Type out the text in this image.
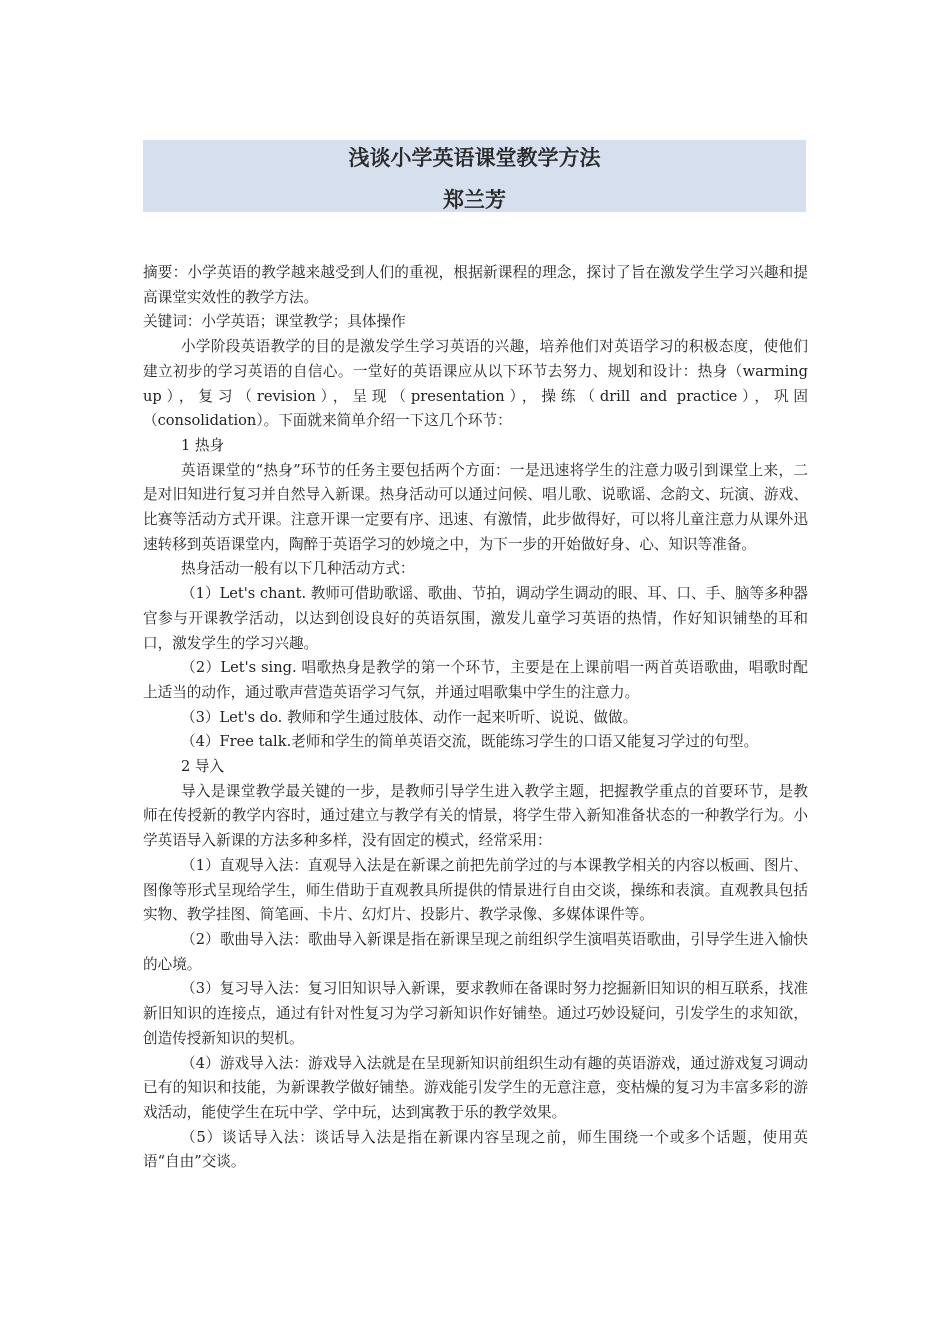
浅谈小学英语课堂教学方法
郑兰芳

摘要：小学英语的教学越来越受到人们的重视，根据新课程的理念，探讨了旨在激发学生学习兴趣和提高课堂实效性的教学方法。

关键词：小学英语；课堂教学；具体操作

小学阶段英语教学的目的是激发学生学习英语的兴趣，培养他们对英语学习的积极态度，使他们建立初步的学习英语的自信心。一堂好的英语课应从以下环节去努力、规划和设计：热身（warming up），复习（revision），呈现（presentation），操练（drill and practice），巩固（consolidation）。下面就来简单介绍一下这几个环节：

1 热身

英语课堂的“热身”环节的任务主要包括两个方面：一是迅速将学生的注意力吸引到课堂上来，二是对旧知进行复习并自然导入新课。热身活动可以通过问候、唱儿歌、说歌谣、念韵文、玩演、游戏、比赛等活动方式开课。注意开课一定要有序、迅速、有激情，此步做得好，可以将儿童注意力从课外迅速转移到英语课堂内，陶醉于英语学习的妙境之中，为下一步的开始做好身、心、知识等准备。

热身活动一般有以下几种活动方式：

（1）Let's chant. 教师可借助歌谣、歌曲、节拍，调动学生调动的眼、耳、口、手、脑等多种器官参与开课教学活动，以达到创设良好的英语氛围，激发儿童学习英语的热情，作好知识铺垫的耳和口，激发学生的学习兴趣。

（2）Let's sing. 唱歌热身是教学的第一个环节，主要是在上课前唱一两首英语歌曲，唱歌时配上适当的动作，通过歌声营造英语学习气氛，并通过唱歌集中学生的注意力。

（3）Let's do. 教师和学生通过肢体、动作一起来听听、说说、做做。

（4）Free talk.老师和学生的简单英语交流，既能练习学生的口语又能复习学过的句型。

2 导入

导入是课堂教学最关键的一步，是教师引导学生进入教学主题，把握教学重点的首要环节，是教师在传授新的教学内容时，通过建立与教学有关的情景，将学生带入新知准备状态的一种教学行为。小学英语导入新课的方法多种多样，没有固定的模式，经常采用：

（1）直观导入法：直观导入法是在新课之前把先前学过的与本课教学相关的内容以板画、图片、图像等形式呈现给学生，师生借助于直观教具所提供的情景进行自由交谈，操练和表演。直观教具包括实物、教学挂图、简笔画、卡片、幻灯片、投影片、教学录像、多媒体课件等。

（2）歌曲导入法：歌曲导入新课是指在新课呈现之前组织学生演唱英语歌曲，引导学生进入愉快的心境。

（3）复习导入法：复习旧知识导入新课，要求教师在备课时努力挖掘新旧知识的相互联系，找准新旧知识的连接点，通过有针对性复习为学习新知识作好铺垫。通过巧妙设疑问，引发学生的求知欲，创造传授新知识的契机。

（4）游戏导入法：游戏导入法就是在呈现新知识前组织生动有趣的英语游戏，通过游戏复习调动已有的知识和技能，为新课教学做好铺垫。游戏能引发学生的无意注意，变枯燥的复习为丰富多彩的游戏活动，能使学生在玩中学、学中玩，达到寓教于乐的教学效果。

（5）谈话导入法：谈话导入法是指在新课内容呈现之前，师生围绕一个或多个话题，使用英语“自由”交谈。
